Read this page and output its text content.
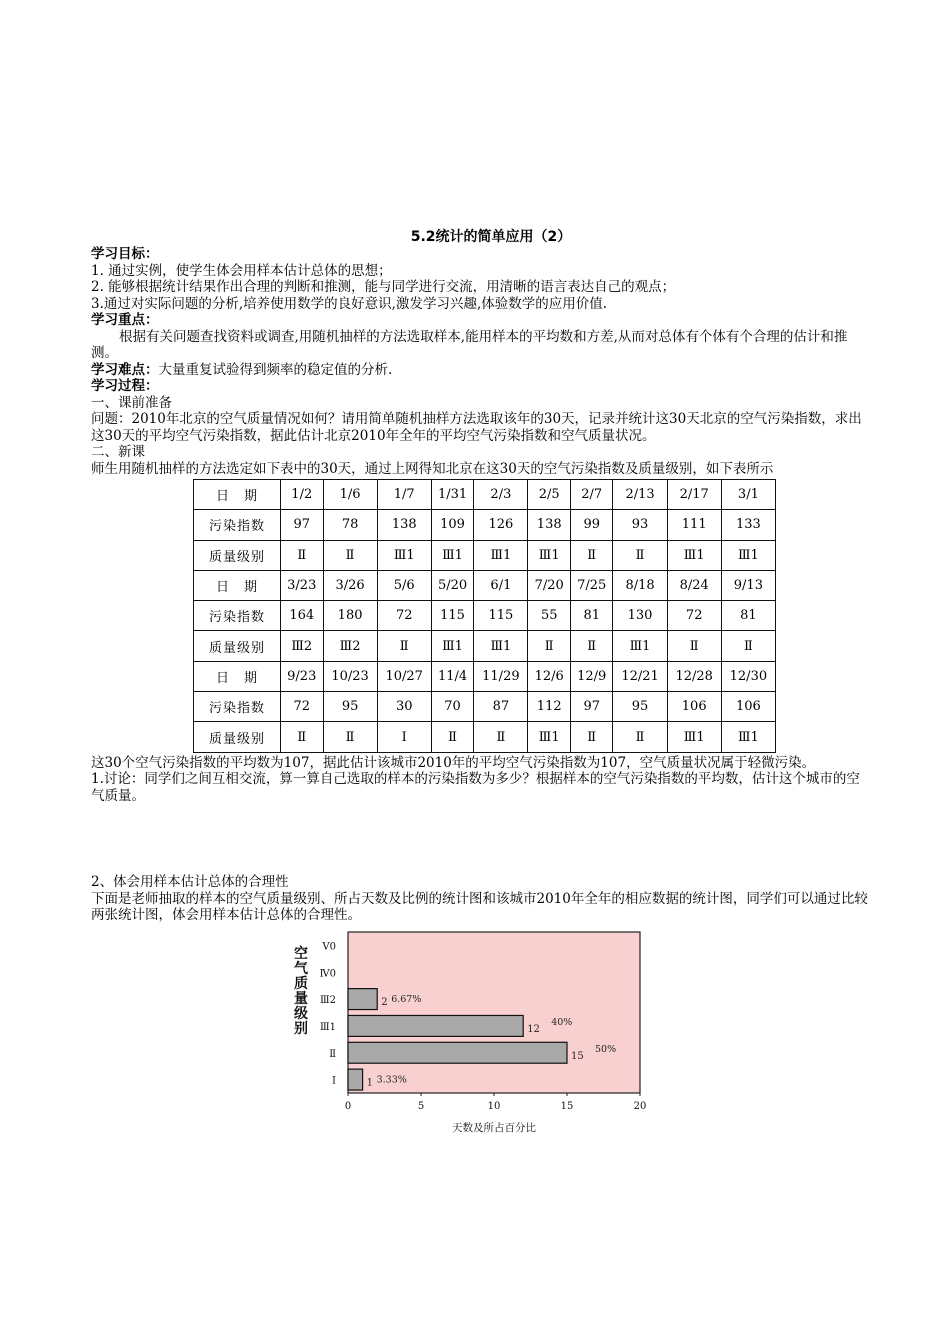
5.2统计的简单应用（2）
学习目标：
1. 通过实例，使学生体会用样本估计总体的思想；
2. 能够根据统计结果作出合理的判断和推测，能与同学进行交流，用清晰的语言表达自己的观点；
3.通过对实际问题的分析,培养使用数学的良好意识,激发学习兴趣,体验数学的应用价值.
学习重点：
根据有关问题查找资料或调查,用随机抽样的方法选取样本,能用样本的平均数和方差,从而对总体有个体有个合理的估计和推测。
学习难点：大量重复试验得到频率的稳定值的分析.
学习过程：
一、课前准备
问题：2010年北京的空气质量情况如何？请用简单随机抽样方法选取该年的30天，记录并统计这30天北京的空气污染指数，求出这30天的平均空气污染指数，据此估计北京2010年全年的平均空气污染指数和空气质量状况。
二、新课
师生用随机抽样的方法选定如下表中的30天，通过上网得知北京在这30天的空气污染指数及质量级别，如下表所示
日　期	1/2	1/6	1/7	1/31	2/3	2/5	2/7	2/13	2/17	3/1
污染指数	97	78	138	109	126	138	99	93	111	133
质量级别	Ⅱ	Ⅱ	Ⅲ1	Ⅲ1	Ⅲ1	Ⅲ1	Ⅱ	Ⅱ	Ⅲ1	Ⅲ1
日　期	3/23	3/26	5/6	5/20	6/1	7/20	7/25	8/18	8/24	9/13
污染指数	164	180	72	115	115	55	81	130	72	81
质量级别	Ⅲ2	Ⅲ2	Ⅱ	Ⅲ1	Ⅲ1	Ⅱ	Ⅱ	Ⅲ1	Ⅱ	Ⅱ
日　期	9/23	10/23	10/27	11/4	11/29	12/6	12/9	12/21	12/28	12/30
污染指数	72	95	30	70	87	112	97	95	106	106
质量级别	Ⅱ	Ⅱ	Ⅰ	Ⅱ	Ⅱ	Ⅲ1	Ⅱ	Ⅱ	Ⅲ1	Ⅲ1
这30个空气污染指数的平均数为107，据此估计该城市2010年的平均空气污染指数为107，空气质量状况属于轻微污染。
1.讨论：同学们之间互相交流，算一算自己选取的样本的污染指数为多少？根据样本的空气污染指数的平均数，估计这个城市的空气质量。
2、体会用样本估计总体的合理性
下面是老师抽取的样本的空气质量级别、所占天数及比例的统计图和该城市2010年全年的相应数据的统计图，同学们可以通过比较两张统计图，体会用样本估计总体的合理性。
Ⅰ	1 3.33%
Ⅱ	15
50%
Ⅲ1	12
40%
Ⅲ2	2 6.67%
Ⅳ0
Ⅴ0
0	5	10	15	20
天数及所占百分比
空气质量级别
